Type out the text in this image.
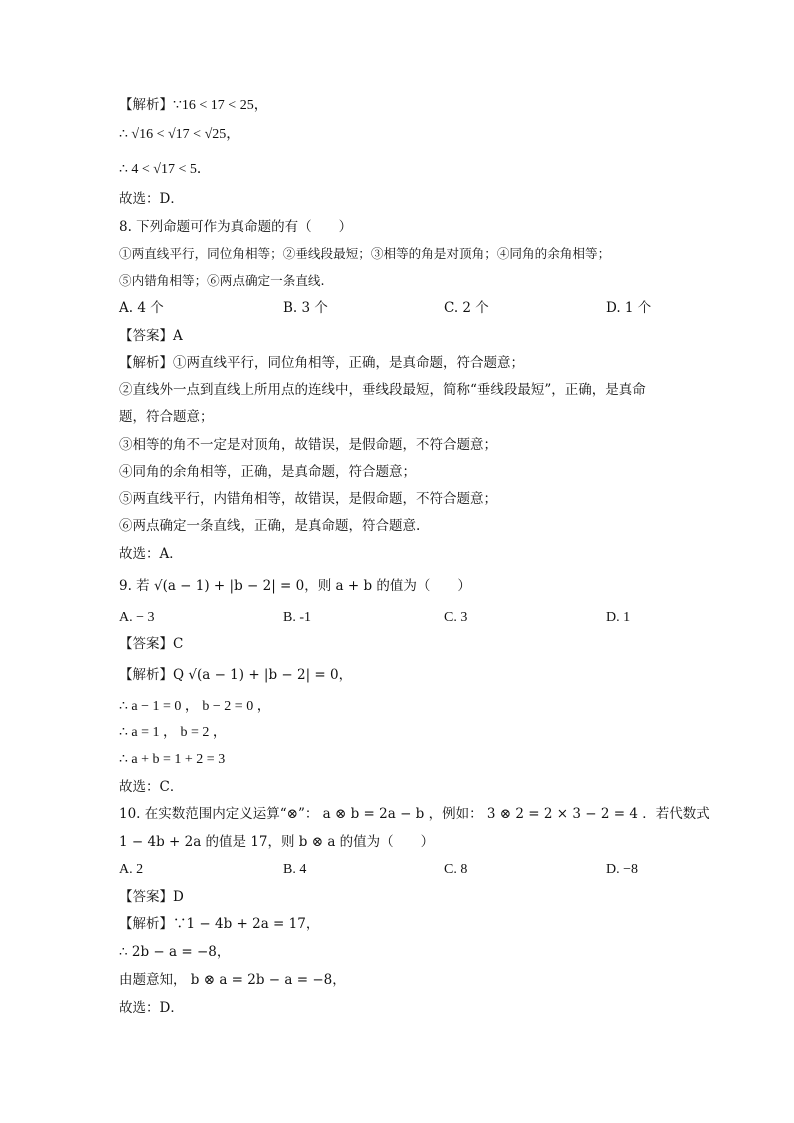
【解析】∵16 < 17 < 25，
∴ √16 < √17 < √25，
∴ 4 < √17 < 5．
故选：D．
8. 下列命题可作为真命题的有（　　）
①两直线平行，同位角相等；②垂线段最短；③相等的角是对顶角；④同角的余角相等；
⑤内错角相等；⑥两点确定一条直线.
A. 4 个	B. 3 个	C. 2 个	D. 1 个
【答案】A
【解析】①两直线平行，同位角相等，正确，是真命题，符合题意；
②直线外一点到直线上所用点的连线中，垂线段最短，简称“垂线段最短”，正确，是真命
题，符合题意；
③相等的角不一定是对顶角，故错误，是假命题，不符合题意；
④同角的余角相等，正确，是真命题，符合题意；
⑤两直线平行，内错角相等，故错误，是假命题，不符合题意；
⑥两点确定一条直线，正确，是真命题，符合题意.
故选：A．
9. 若 √(a − 1) + |b − 2| = 0，则 a + b 的值为（　　）
A. − 3	B. -1	C. 3	D. 1
【答案】C
【解析】Q √(a − 1) + |b − 2| = 0，
∴ a − 1 = 0 ， b − 2 = 0 ，
∴ a = 1 ， b = 2 ，
∴ a + b = 1 + 2 = 3
故选：C．
10. 在实数范围内定义运算“⊗”： a ⊗ b = 2a − b ，例如： 3 ⊗ 2 = 2 × 3 − 2 = 4 ．若代数式
1 − 4b + 2a 的值是 17，则 b ⊗ a 的值为（　　）
A. 2	B. 4	C. 8	D. −8
【答案】D
【解析】∵1 − 4b + 2a = 17，
∴ 2b − a = −8，
由题意知， b ⊗ a = 2b − a = −8，
故选：D．
